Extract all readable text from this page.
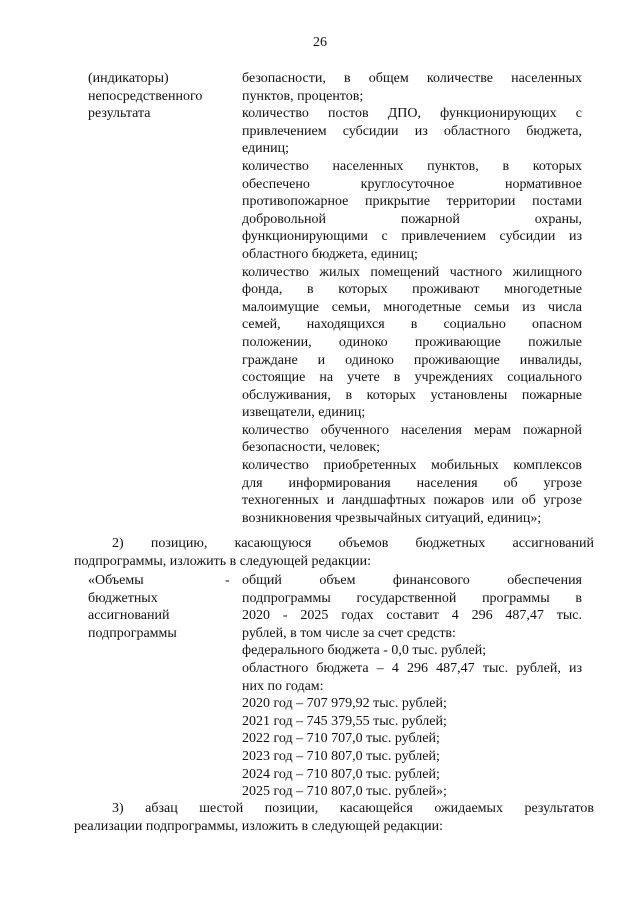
26
(индикаторы)
непосредственного
результата
безопасности, в общем количестве населенных
пунктов, процентов;
количество постов ДПО, функционирующих с
привлечением субсидии из областного бюджета,
единиц;
количество населенных пунктов, в которых
обеспечено круглосуточное нормативное
противопожарное прикрытие территории постами
добровольной пожарной охраны,
функционирующими с привлечением субсидии из
областного бюджета, единиц;
количество жилых помещений частного жилищного
фонда, в которых проживают многодетные
малоимущие семьи, многодетные семьи из числа
семей, находящихся в социально опасном
положении, одиноко проживающие пожилые
граждане и одиноко проживающие инвалиды,
состоящие на учете в учреждениях социального
обслуживания, в которых установлены пожарные
извещатели, единиц;
количество обученного населения мерам пожарной
безопасности, человек;
количество приобретенных мобильных комплексов
для информирования населения об угрозе
техногенных и ландшафтных пожаров или об угрозе
возникновения чрезвычайных ситуаций, единиц»;
2) позицию, касающуюся объемов бюджетных ассигнований
подпрограммы, изложить в следующей редакции:
«Объемы
бюджетных
ассигнований
подпрограммы
- общий объем финансового обеспечения
подпрограммы государственной программы в
2020 - 2025 годах составит 4 296 487,47 тыс.
рублей, в том числе за счет средств:
федерального бюджета - 0,0 тыс. рублей;
областного бюджета – 4 296 487,47 тыс. рублей, из
них по годам:
2020 год – 707 979,92 тыс. рублей;
2021 год – 745 379,55 тыс. рублей;
2022 год – 710 707,0 тыс. рублей;
2023 год – 710 807,0 тыс. рублей;
2024 год – 710 807,0 тыс. рублей;
2025 год – 710 807,0 тыс. рублей»;
3) абзац шестой позиции, касающейся ожидаемых результатов
реализации подпрограммы, изложить в следующей редакции:
